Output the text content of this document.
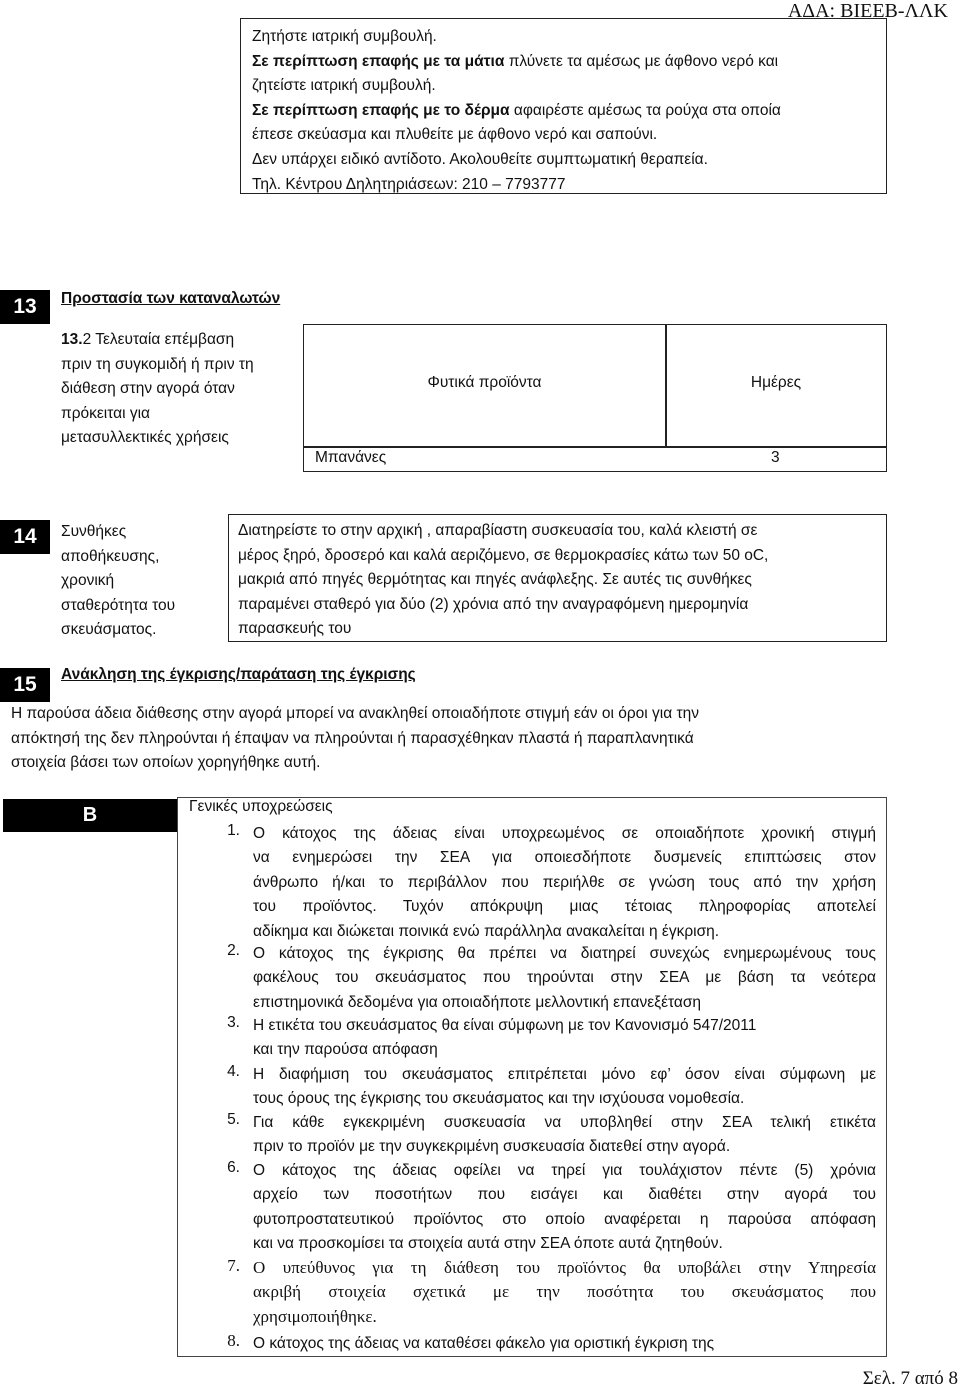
ΑΔΑ: ΒΙΕΕΒ-ΛΛΚ
Ζητήστε ιατρική συμβουλή.
Σε περίπτωση επαφής με τα μάτια πλύνετε τα αμέσως με άφθονο νερό και
ζητείστε ιατρική συμβουλή.
Σε περίπτωση επαφής με το δέρμα αφαιρέστε αμέσως τα ρούχα στα οποία
έπεσε σκεύασμα και πλυθείτε με άφθονο νερό και σαπούνι.
Δεν υπάρχει ειδικό αντίδοτο. Ακολουθείτε συμπτωματική θεραπεία.
Τηλ. Κέντρου Δηλητηριάσεων: 210 – 7793777
13	Προστασία των καταναλωτών
13.2 Τελευταία επέμβαση
πριν τη συγκομιδή ή πριν τη
διάθεση στην αγορά όταν
πρόκειται για
μετασυλλεκτικές χρήσεις
Φυτικά προϊόντα	Ημέρες
Μπανάνες	3
14	Συνθήκες
αποθήκευσης,
χρονική
σταθερότητα του
σκευάσματος.
Διατηρείστε το στην αρχική , απαραβίαστη συσκευασία του, καλά κλειστή σε
μέρος ξηρό, δροσερό και καλά αεριζόμενο, σε θερμοκρασίες κάτω των 50 oC,
μακριά από πηγές θερμότητας και πηγές ανάφλεξης. Σε αυτές τις συνθήκες
παραμένει σταθερό για δύο (2) χρόνια από την αναγραφόμενη ημερομηνία
παρασκευής του
15	Ανάκληση της έγκρισης/παράταση της έγκρισης
Η παρούσα άδεια διάθεσης στην αγορά μπορεί να ανακληθεί οποιαδήποτε στιγμή εάν οι όροι για την
απόκτησή της δεν πληρούνται ή έπαψαν να πληρούνται ή παρασχέθηκαν πλαστά ή παραπλανητικά
στοιχεία βάσει των οποίων χορηγήθηκε αυτή.
Β	Γενικές υποχρεώσεις
1. Ο κάτοχος της άδειας είναι υποχρεωμένος σε οποιαδήποτε χρονική στιγμή
να ενημερώσει την ΣΕΑ για οποιεσδήποτε δυσμενείς επιπτώσεις στον
άνθρωπο ή/και το περιβάλλον που περιήλθε σε γνώση τους από την χρήση
του προϊόντος. Τυχόν απόκρυψη μιας τέτοιας πληροφορίας αποτελεί
αδίκημα και διώκεται ποινικά ενώ παράλληλα ανακαλείται η έγκριση.
2. Ο κάτοχος της έγκρισης θα πρέπει να διατηρεί συνεχώς ενημερωμένους τους
φακέλους του σκευάσματος που τηρούνται στην ΣΕΑ με βάση τα νεότερα
επιστημονικά δεδομένα για οποιαδήποτε μελλοντική επανεξέταση
3. Η ετικέτα του σκευάσματος θα είναι σύμφωνη με τον Κανονισμό 547/2011
και την παρούσα απόφαση
4. Η διαφήμιση του σκευάσματος επιτρέπεται μόνο εφ’ όσον είναι σύμφωνη με
τους όρους της έγκρισης του σκευάσματος και την ισχύουσα νομοθεσία.
5. Για κάθε εγκεκριμένη συσκευασία να υποβληθεί στην ΣΕΑ τελική ετικέτα
πριν το προϊόν με την συγκεκριμένη συσκευασία διατεθεί στην αγορά.
6. Ο κάτοχος της άδειας οφείλει να τηρεί για τουλάχιστον πέντε (5) χρόνια
αρχείο των ποσοτήτων που εισάγει και διαθέτει στην αγορά του
φυτοπροστατευτικού προϊόντος στο οποίο αναφέρεται η παρούσα απόφαση
και να προσκομίσει τα στοιχεία αυτά στην ΣΕΑ όποτε αυτά ζητηθούν.
7. Ο υπεύθυνος για τη διάθεση του προϊόντος θα υποβάλει στην Υπηρεσία
ακριβή στοιχεία σχετικά με την ποσότητα του σκευάσματος που
χρησιμοποιήθηκε.
8. Ο κάτοχος της άδειας να καταθέσει φάκελο για οριστική έγκριση της
Σελ. 7 από 8
